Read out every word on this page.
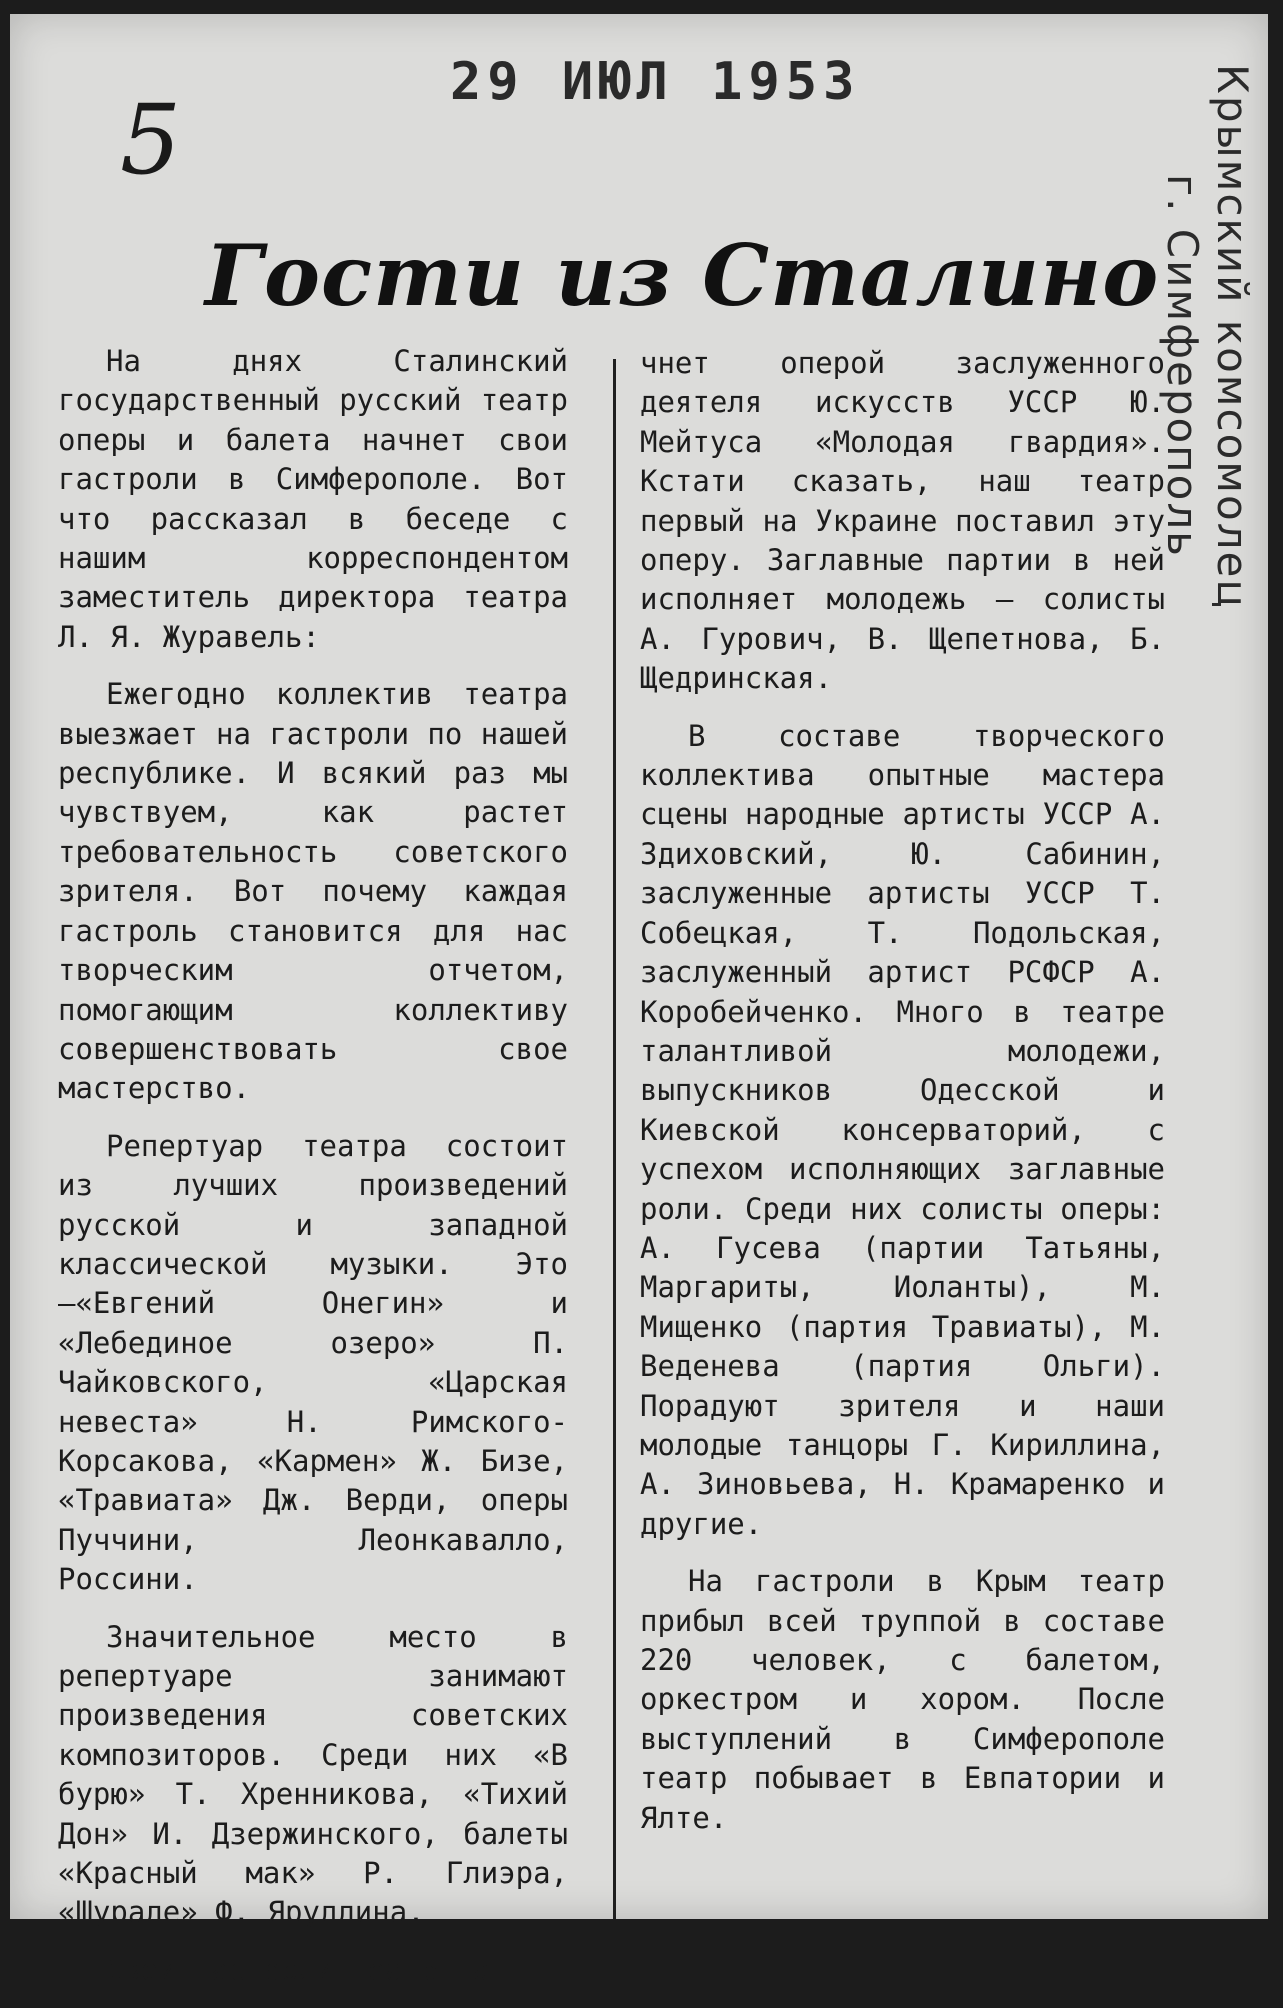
29 ИЮЛ 1953
5	Крымский комсомолец
г. Симферополь
Гости из Сталино

На днях Сталинский государственный русский театр оперы и балета начнет свои гастроли в Симферополе. Вот что рассказал в беседе с нашим корреспондентом заместитель директора театра Л. Я. Журавель:

Ежегодно коллектив театра выезжает на гастроли по нашей республике. И всякий раз мы чувствуем, как растет требовательность советского зрителя. Вот почему каждая гастроль становится для нас творческим отчетом, помогающим коллективу совершенствовать свое мастерство.

Репертуар театра состоит из лучших произведений русской и западной классической музыки. Это—«Евгений Онегин» и «Лебединое озеро» П. Чайковского, «Царская невеста» Н. Римского-Корсакова, «Кармен» Ж. Бизе, «Травиата» Дж. Верди, оперы Пуччини, Леонкавалло, Россини.

Значительное место в репертуаре занимают произведения советских композиторов. Среди них «В бурю» Т. Хренникова, «Тихий Дон» И. Дзержинского, балеты «Красный мак» Р. Глиэра, «Шурале» Ф. Яруллина.

Свои гастроли театр на-

чнет оперой заслуженного деятеля искусств УССР Ю. Мейтуса «Молодая гвардия». Кстати сказать, наш театр первый на Украине поставил эту оперу. Заглавные партии в ней исполняет молодежь — солисты А. Гурович, В. Щепетнова, Б. Щедринская.

В составе творческого коллектива опытные мастера сцены народные артисты УССР А. Здиховский, Ю. Сабинин, заслуженные артисты УССР Т. Собецкая, Т. Подольская, заслуженный артист РСФСР А. Коробейченко. Много в театре талантливой молодежи, выпускников Одесской и Киевской консерваторий, с успехом исполняющих заглавные роли. Среди них солисты оперы: А. Гусева (партии Татьяны, Маргариты, Иоланты), М. Мищенко (партия Травиаты), М. Веденева (партия Ольги). Порадуют зрителя и наши молодые танцоры Г. Кириллина, А. Зиновьева, Н. Крамаренко и другие.

На гастроли в Крым театр прибыл всей труппой в составе 220 человек, с балетом, оркестром и хором. После выступлений в Симферополе театр побывает в Евпатории и Ялте.
